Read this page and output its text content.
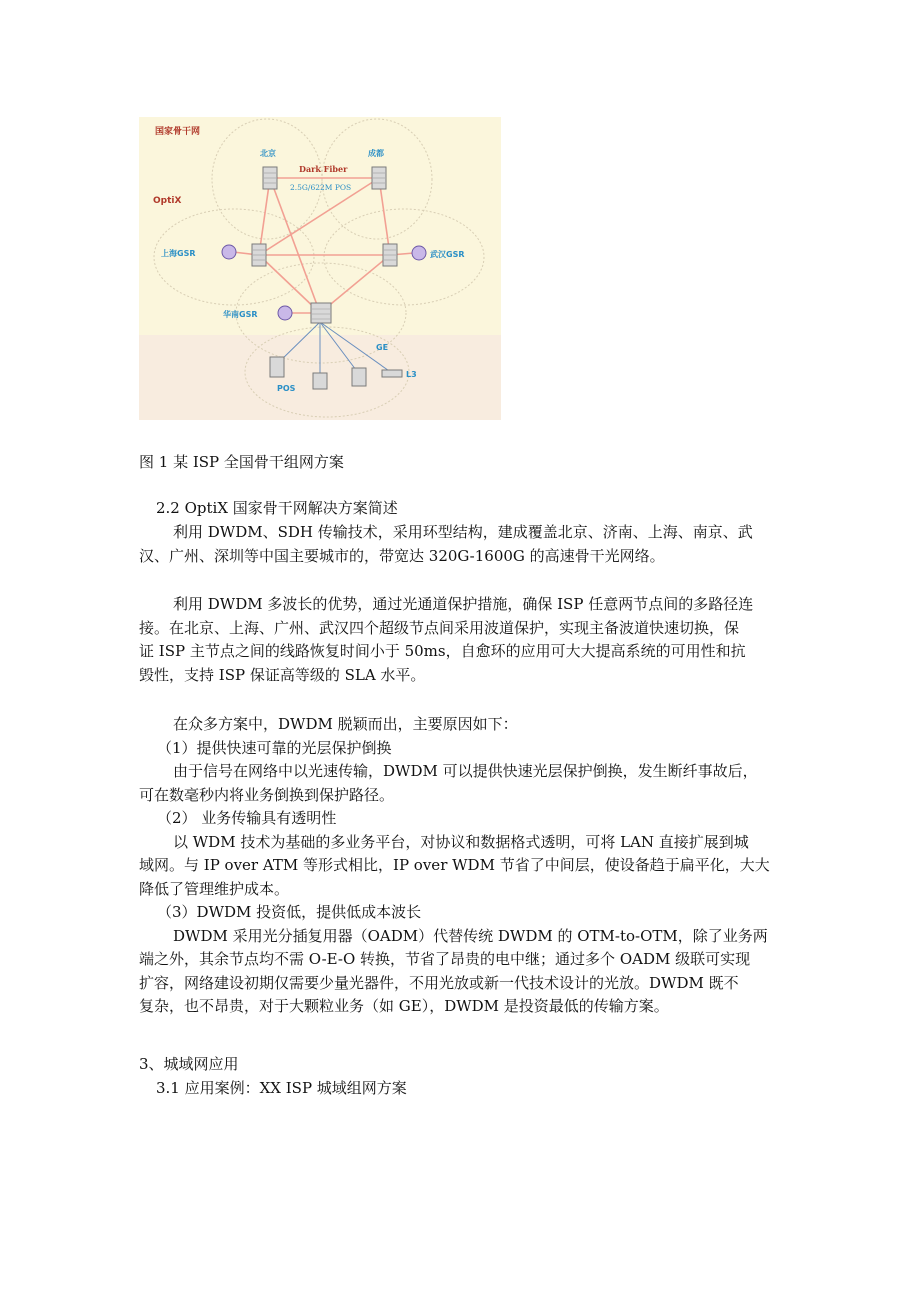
国家骨干网
OptiX
北京	成都
Dark Fiber
2.5G/622M POS
上海GSR	武汉GSR
华南GSR
GE
POS
L3
图 1 某 ISP 全国骨干组网方案
2.2 OptiX 国家骨干网解决方案简述

利用 DWDM、SDH 传输技术，采用环型结构，建成覆盖北京、济南、上海、南京、武

汉、广州、深圳等中国主要城市的，带宽达 320G-1600G 的高速骨干光网络。

利用 DWDM 多波长的优势，通过光通道保护措施，确保 ISP 任意两节点间的多路径连

接。在北京、上海、广州、武汉四个超级节点间采用波道保护，实现主备波道快速切换，保

证 ISP 主节点之间的线路恢复时间小于 50ms，自愈环的应用可大大提高系统的可用性和抗

毁性，支持 ISP 保证高等级的 SLA 水平。

在众多方案中，DWDM 脱颖而出，主要原因如下：

（1）提供快速可靠的光层保护倒换

由于信号在网络中以光速传输，DWDM 可以提供快速光层保护倒换，发生断纤事故后，

可在数毫秒内将业务倒换到保护路径。

（2） 业务传输具有透明性

以 WDM 技术为基础的多业务平台，对协议和数据格式透明，可将 LAN 直接扩展到城

域网。与 IP over ATM 等形式相比，IP over WDM 节省了中间层，使设备趋于扁平化，大大

降低了管理维护成本。

（3）DWDM 投资低，提供低成本波长

DWDM 采用光分插复用器（OADM）代替传统 DWDM 的 OTM-to-OTM，除了业务两

端之外，其余节点均不需 O-E-O 转换，节省了昂贵的电中继；通过多个 OADM 级联可实现

扩容，网络建设初期仅需要少量光器件，不用光放或新一代技术设计的光放。DWDM 既不

复杂，也不昂贵，对于大颗粒业务（如 GE），DWDM 是投资最低的传输方案。

3、城域网应用
3.1 应用案例：XX ISP 城域组网方案
